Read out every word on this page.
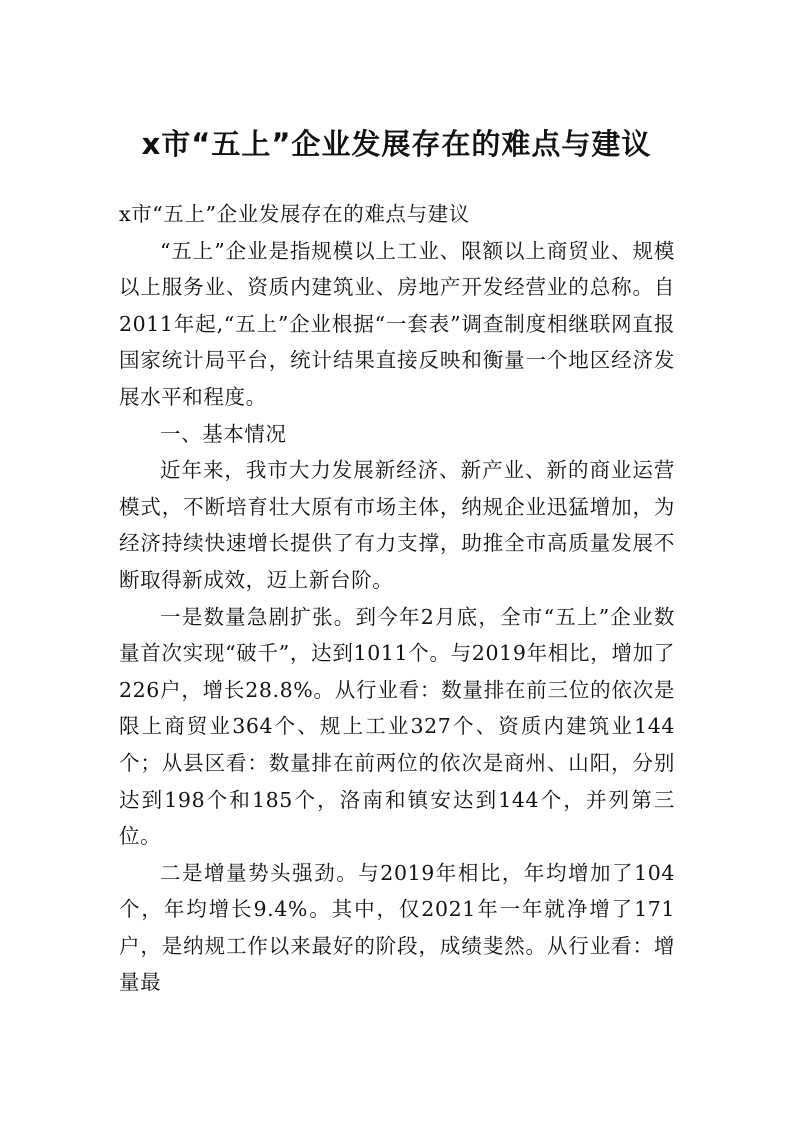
x市“五上”企业发展存在的难点与建议

x市“五上”企业发展存在的难点与建议

“五上”企业是指规模以上工业、限额以上商贸业、规模以上服务业、资质内建筑业、房地产开发经营业的总称。自2011年起,“五上”企业根据“一套表”调查制度相继联网直报国家统计局平台，统计结果直接反映和衡量一个地区经济发展水平和程度。

一、基本情况

近年来，我市大力发展新经济、新产业、新的商业运营模式，不断培育壮大原有市场主体，纳规企业迅猛增加，为经济持续快速增长提供了有力支撑，助推全市高质量发展不断取得新成效，迈上新台阶。

一是数量急剧扩张。到今年2月底，全市“五上”企业数量首次实现“破千”，达到1011个。与2019年相比，增加了226户，增长28.8%。从行业看：数量排在前三位的依次是限上商贸业364个、规上工业327个、资质内建筑业144个；从县区看：数量排在前两位的依次是商州、山阳，分别达到198个和185个，洛南和镇安达到144个，并列第三位。

二是增量势头强劲。与2019年相比，年均增加了104个，年均增长9.4%。其中，仅2021年一年就净增了171户，是纳规工作以来最好的阶段，成绩斐然。从行业看：增量最
